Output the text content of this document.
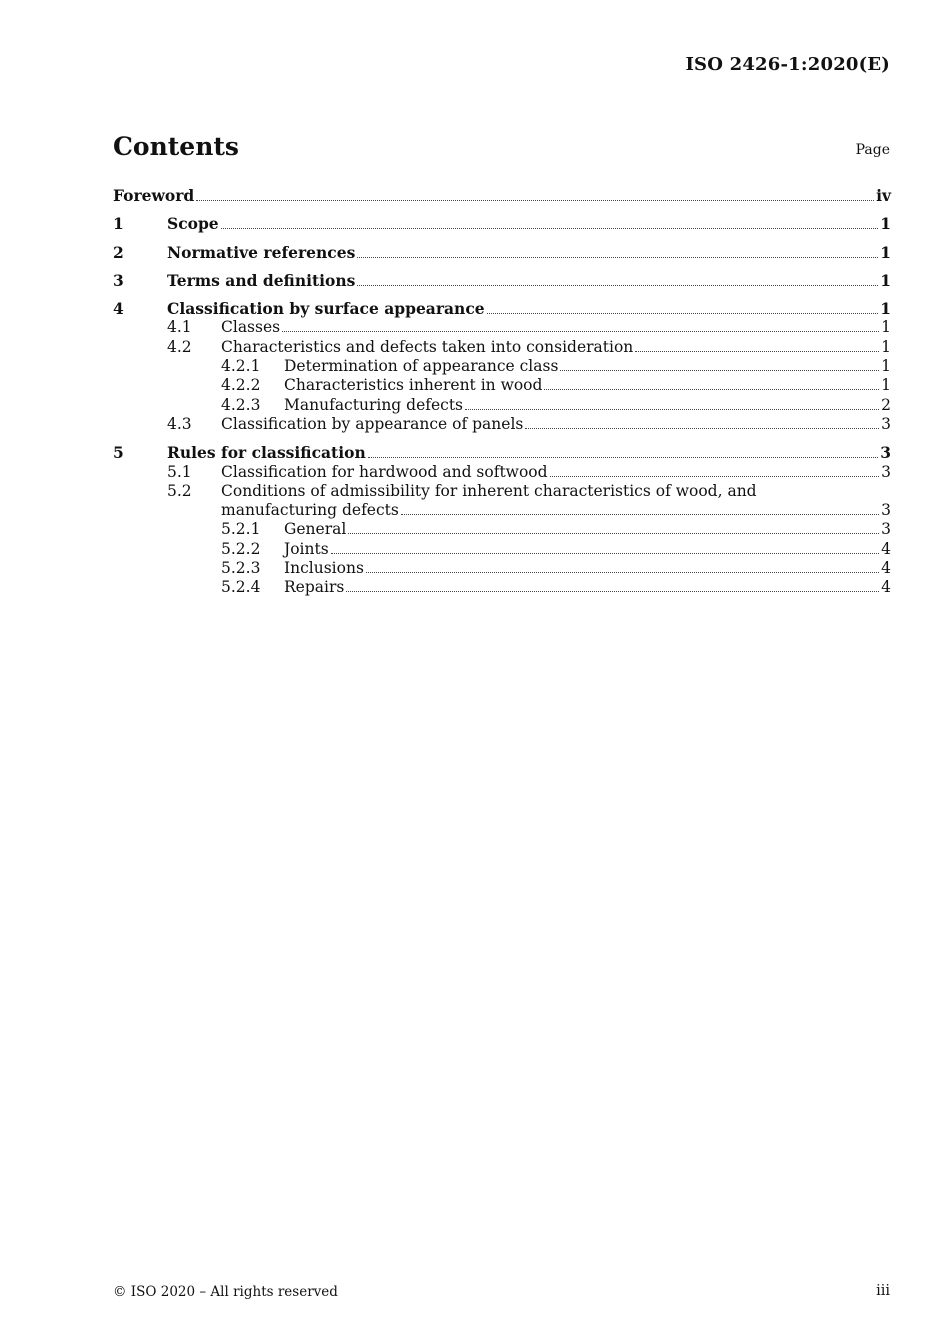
ISO 2426-1:2020(E)
Contents	Page
Foreword	iv
1	Scope	1
2	Normative references	1
3	Terms and definitions	1
4	Classification by surface appearance	1
4.1 Classes	1
4.2 Characteristics and defects taken into consideration	1
4.2.1 Determination of appearance class	1
4.2.2 Characteristics inherent in wood	1
4.2.3 Manufacturing defects	2
4.3 Classification by appearance of panels	3
5	Rules for classification	3
5.1 Classification for hardwood and softwood	3
5.2 Conditions of admissibility for inherent characteristics of wood, and
manufacturing defects	3
5.2.1 General	3
5.2.2 Joints	4
5.2.3 Inclusions	4
5.2.4 Repairs	4
© ISO 2020 – All rights reserved	iii
